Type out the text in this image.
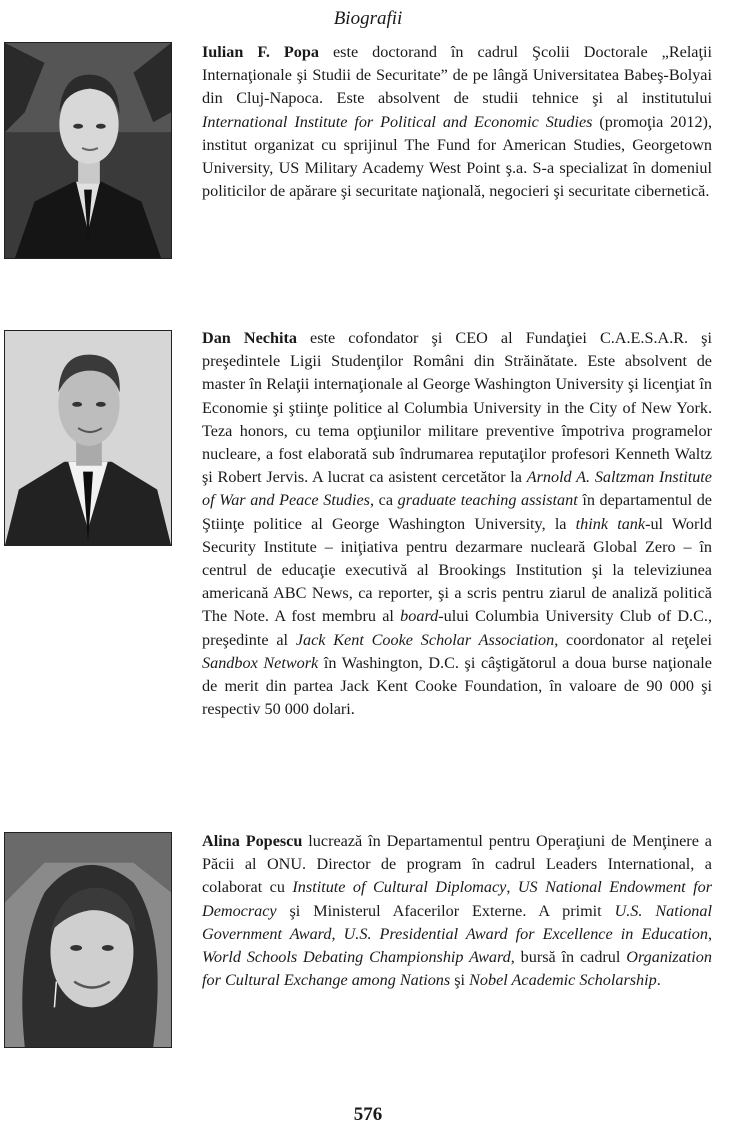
Biografii
Iulian F. Popa este doctorand în cadrul Şcolii Doctorale „Relaţii Internaţionale şi Studii de Securitate” de pe lângă Universitatea Babeş-Bolyai din Cluj-Napoca. Este absolvent de studii tehnice şi al institutului International Institute for Political and Economic Studies (promoţia 2012), institut organizat cu sprijinul The Fund for American Studies, Georgetown University, US Military Academy West Point ş.a. S-a specializat în domeniul politicilor de apărare şi securitate naţională, negocieri şi securitate cibernetică.
Dan Nechita este cofondator şi CEO al Fundaţiei C.A.E.S.A.R. şi preşedintele Ligii Studenţilor Români din Străinătate. Este absolvent de master în Relaţii internaţionale al George Washington University şi licenţiat în Economie şi ştiinţe politice al Columbia University in the City of New York. Teza honors, cu tema opţiunilor militare preventive împotriva programelor nucleare, a fost elaborată sub îndrumarea reputaţilor profesori Kenneth Waltz şi Robert Jervis. A lucrat ca asistent cercetător la Arnold A. Saltzman Institute of War and Peace Studies, ca graduate teaching assistant în departamentul de Ştiinţe politice al George Washington University, la think tank-ul World Security Institute – iniţiativa pentru dezarmare nucleară Global Zero – în centrul de educaţie executivă al Brookings Institution şi la televiziunea americană ABC News, ca reporter, şi a scris pentru ziarul de analiză politică The Note. A fost membru al board-ului Columbia University Club of D.C., preşedinte al Jack Kent Cooke Scholar Association, coordonator al reţelei Sandbox Network în Washington, D.C. şi câştigătorul a doua burse naţionale de merit din partea Jack Kent Cooke Foundation, în valoare de 90 000 şi respectiv 50 000 dolari.
Alina Popescu lucrează în Departamentul pentru Operaţiuni de Menţinere a Păcii al ONU. Director de program în cadrul Leaders International, a colaborat cu Institute of Cultural Diplomacy, US National Endowment for Democracy şi Ministerul Afacerilor Externe. A primit U.S. National Government Award, U.S. Presidential Award for Excellence in Education, World Schools Debating Championship Award, bursă în cadrul Organization for Cultural Exchange among Nations şi Nobel Academic Scholarship.
576
